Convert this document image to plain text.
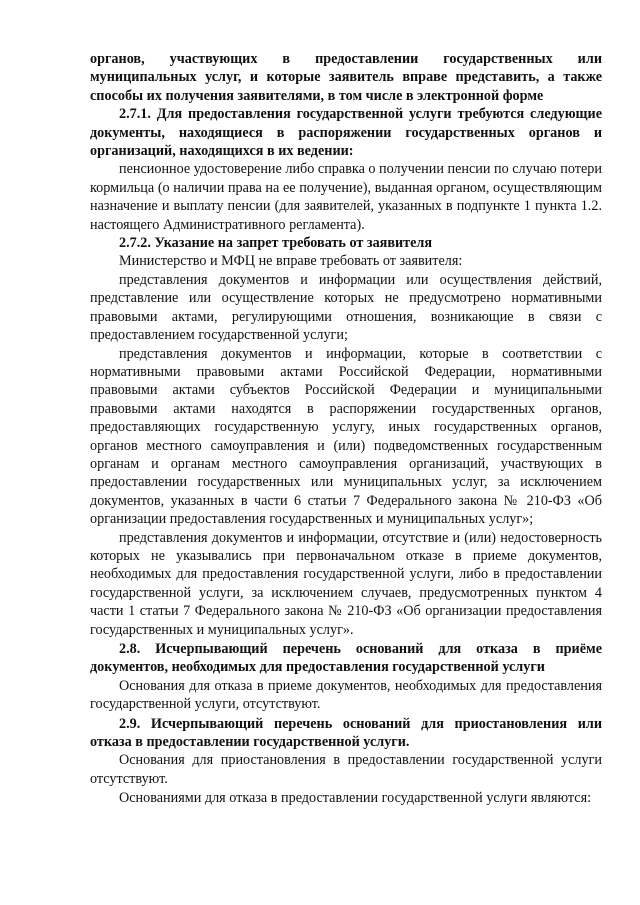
органов, участвующих в предоставлении государственных или муниципальных услуг, и которые заявитель вправе представить, а также способы их получения заявителями, в том числе в электронной форме

2.7.1. Для предоставления государственной услуги требуются следующие документы, находящиеся в распоряжении государственных органов и организаций, находящихся в их ведении:

пенсионное удостоверение либо справка о получении пенсии по случаю потери кормильца (о наличии права на ее получение), выданная органом, осуществляющим назначение и выплату пенсии (для заявителей, указанных в подпункте 1 пункта 1.2. настоящего Административного регламента).

2.7.2. Указание на запрет требовать от заявителя

Министерство и МФЦ не вправе требовать от заявителя:

представления документов и информации или осуществления действий, представление или осуществление которых не предусмотрено нормативными правовыми актами, регулирующими отношения, возникающие в связи с предоставлением государственной услуги;

представления документов и информации, которые в соответствии с нормативными правовыми актами Российской Федерации, нормативными правовыми актами субъектов Российской Федерации и муниципальными правовыми актами находятся в распоряжении государственных органов, предоставляющих государственную услугу, иных государственных органов, органов местного самоуправления и (или) подведомственных государственным органам и органам местного самоуправления организаций, участвующих в предоставлении государственных или муниципальных услуг, за исключением документов, указанных в части 6 статьи 7 Федерального закона № 210-ФЗ «Об организации предоставления государственных и муниципальных услуг»;

представления документов и информации, отсутствие и (или) недостоверность которых не указывались при первоначальном отказе в приеме документов, необходимых для предоставления государственной услуги, либо в предоставлении государственной услуги, за исключением случаев, предусмотренных пунктом 4 части 1 статьи 7 Федерального закона № 210-ФЗ «Об организации предоставления государственных и муниципальных услуг».

2.8. Исчерпывающий перечень оснований для отказа в приёме документов, необходимых для предоставления государственной услуги

Основания для отказа в приеме документов, необходимых для предоставления государственной услуги, отсутствуют.

2.9. Исчерпывающий перечень оснований для приостановления или отказа в предоставлении государственной услуги.

Основания для приостановления в предоставлении государственной услуги отсутствуют.

Основаниями для отказа в предоставлении государственной услуги являются:
